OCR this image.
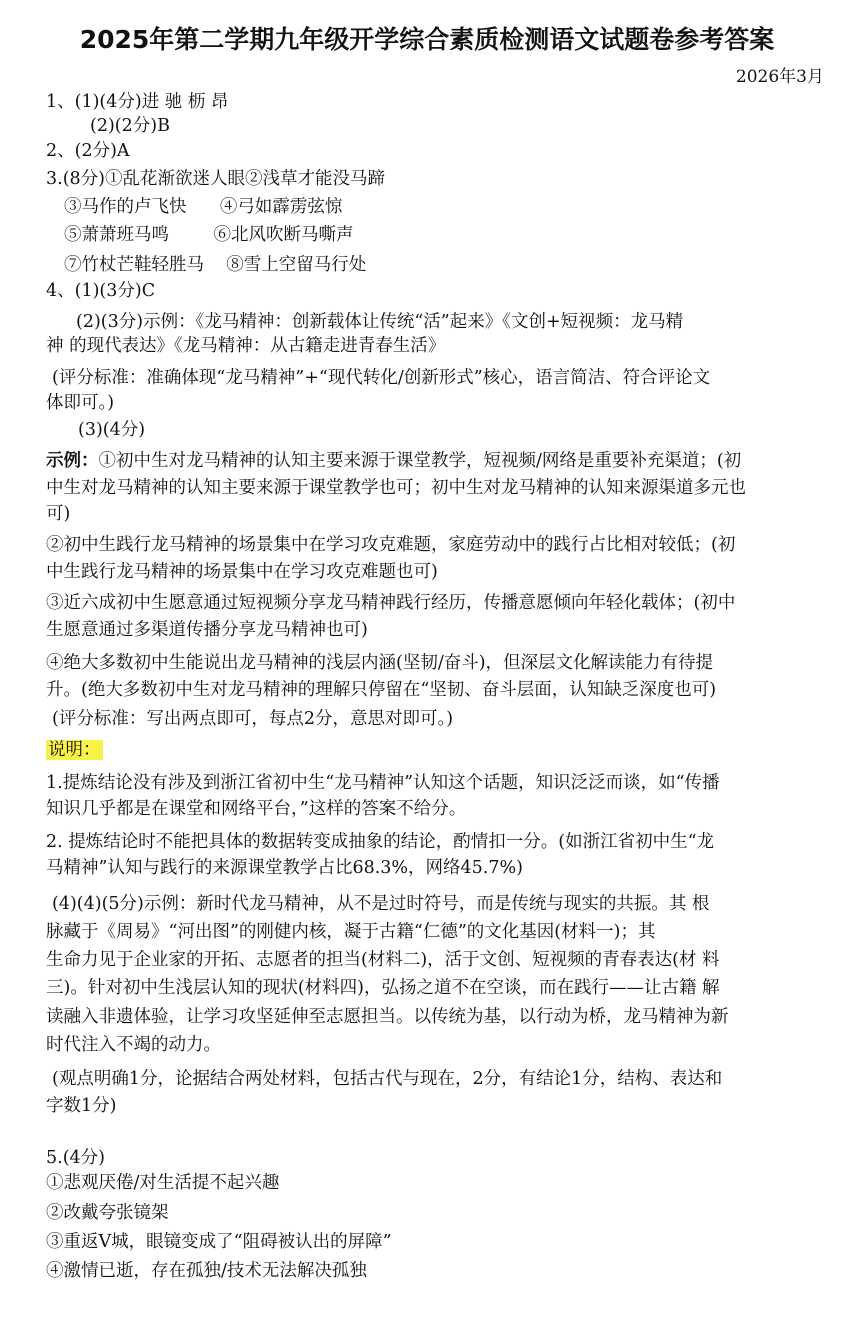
2025年第二学期九年级开学综合素质检测语文试题卷参考答案
2026年3月
1、(1)(4分)进 驰 枥 昂
(2)(2分)B
2、(2分)A
3.(8分)①乱花渐欲迷人眼②浅草才能没马蹄
③马作的卢飞快      ④弓如霹雳弦惊
⑤萧萧班马鸣        ⑥北风吹断马嘶声
⑦竹杖芒鞋轻胜马    ⑧雪上空留马行处
4、(1)(3分)C
(2)(3分)示例：《龙马精神：创新载体让传统“活”起来》《文创+短视频：龙马精
神 的现代表达》《龙马精神：从古籍走进青春生活》
(评分标准：准确体现“龙马精神”+“现代转化/创新形式”核心，语言简洁、符合评论文
体即可。)
(3)(4分)
示例：①初中生对龙马精神的认知主要来源于课堂教学，短视频/网络是重要补充渠道；(初
中生对龙马精神的认知主要来源于课堂教学也可；初中生对龙马精神的认知来源渠道多元也
可)
②初中生践行龙马精神的场景集中在学习攻克难题，家庭劳动中的践行占比相对较低；(初
中生践行龙马精神的场景集中在学习攻克难题也可)
③近六成初中生愿意通过短视频分享龙马精神践行经历，传播意愿倾向年轻化载体；(初中
生愿意通过多渠道传播分享龙马精神也可)
④绝大多数初中生能说出龙马精神的浅层内涵(坚韧/奋斗)，但深层文化解读能力有待提
升。(绝大多数初中生对龙马精神的理解只停留在“坚韧、奋斗层面，认知缺乏深度也可)
(评分标准：写出两点即可，每点2分，意思对即可。)
说明：
1.提炼结论没有涉及到浙江省初中生“龙马精神”认知这个话题，知识泛泛而谈，如“传播
知识几乎都是在课堂和网络平台，”这样的答案不给分。
2. 提炼结论时不能把具体的数据转变成抽象的结论，酌情扣一分。(如浙江省初中生“龙
马精神”认知与践行的来源课堂教学占比68.3%，网络45.7%)
(4)(4)(5分)示例：新时代龙马精神，从不是过时符号，而是传统与现实的共振。其 根
脉藏于《周易》“河出图”的刚健内核，凝于古籍“仁德”的文化基因(材料一)；其
生命力见于企业家的开拓、志愿者的担当(材料二)，活于文创、短视频的青春表达(材 料
三)。针对初中生浅层认知的现状(材料四)，弘扬之道不在空谈，而在践行——让古籍 解
读融入非遗体验，让学习攻坚延伸至志愿担当。以传统为基，以行动为桥，龙马精神为新
时代注入不竭的动力。
(观点明确1分，论据结合两处材料，包括古代与现在，2分，有结论1分，结构、表达和
字数1分)
5.(4分)
①悲观厌倦/对生活提不起兴趣
②改戴夸张镜架
③重返V城，眼镜变成了“阻碍被认出的屏障”
④激情已逝，存在孤独/技术无法解决孤独
